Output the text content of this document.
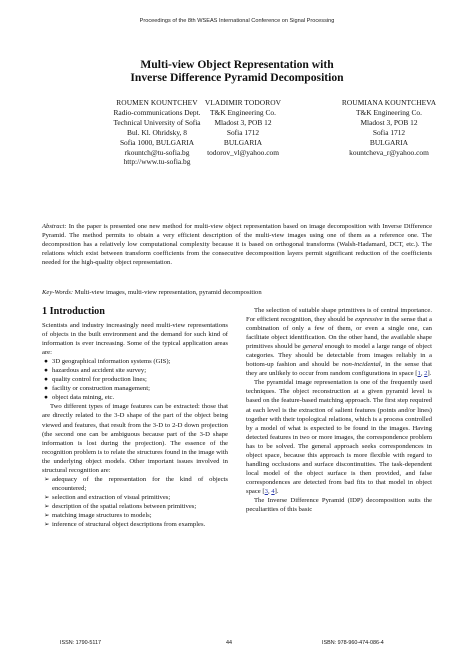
Proceedings of the 8th WSEAS International Conference on Signal Processing
Multi-view Object Representation with
Inverse Difference Pyramid Decomposition
ROUMEN KOUNTCHEV
Radio-communications Dept.
Technical University of Sofia
Bul. Kl. Ohridsky, 8
Sofia 1000, BULGARIA
rkountch@tu-sofia.bg
http://www.tu-sofia.bg
VLADIMIR TODOROV
T&K Engineering Co.
Mladost 3, POB 12
Sofia 1712
BULGARIA
todorov_vl@yahoo.com
ROUMIANA KOUNTCHEVA
T&K Engineering Co.
Mladost 3, POB 12
Sofia 1712
BULGARIA
kountcheva_r@yahoo.com
Abstract: In the paper is presented one new method for multi-view object representation based on image decomposition with Inverse Difference Pyramid. The method permits to obtain a very efficient description of the multi-view images using one of them as a reference one. The decomposition has a relatively low computational complexity because it is based on orthogonal transforms (Walsh-Hadamard, DCT, etc.). The relations which exist between transform coefficients from the consecutive decomposition layers permit significant reduction of the coefficients needed for the high-quality object representation.
Key-Words: Multi-view images, multi-view representation, pyramid decomposition
1 Introduction

Scientists and industry increasingly need multi-view representations of objects in the built environment and the demand for such kind of information is ever increasing. Some of the typical application areas are:

● 3D geographical information systems (GIS);
● hazardous and accident site survey;
● quality control for production lines;
● facility or construction management;
● object data mining, etc.

Two different types of image features can be extracted: those that are directly related to the 3-D shape of the part of the object being viewed and features, that result from the 3-D to 2-D down projection (the second one can be ambiguous because part of the 3-D shape information is lost during the projection). The essence of the recognition problem is to relate the structures found in the image with the underlying object models. Other important issues involved in structural recognition are:

➢ adequacy of the representation for the kind of objects encountered;
➢ selection and extraction of visual primitives;
➢ description of the spatial relations between primitives;
➢ matching image structures to models;
➢ inference of structural object descriptions from examples.

The selection of suitable shape primitives is of central importance. For efficient recognition, they should be expressive in the sense that a combination of only a few of them, or even a single one, can facilitate object identification. On the other hand, the available shape primitives should be general enough to model a large range of object categories. They should be detectable from images reliably in a bottom-up fashion and should be non-incidental, in the sense that they are unlikely to occur from random configurations in space [1, 2].

The pyramidal image representation is one of the frequently used techniques. The object reconstruction at a given pyramid level is based on the feature-based matching approach. The first step required at each level is the extraction of salient features (points and/or lines) together with their topological relations, which is a process controlled by a model of what is expected to be found in the images. Having detected features in two or more images, the correspondence problem has to be solved. The general approach seeks correspondences in object space, because this approach is more flexible with regard to handling occlusions and surface discontinuities. The task-dependent local model of the object surface is then provided, and false correspondences are detected from bad fits to that model in object space [3, 4].

The Inverse Difference Pyramid (IDP) decomposition suits the peculiarities of this basic

ISSN: 1790-5117	44	ISBN: 978-960-474-086-4
